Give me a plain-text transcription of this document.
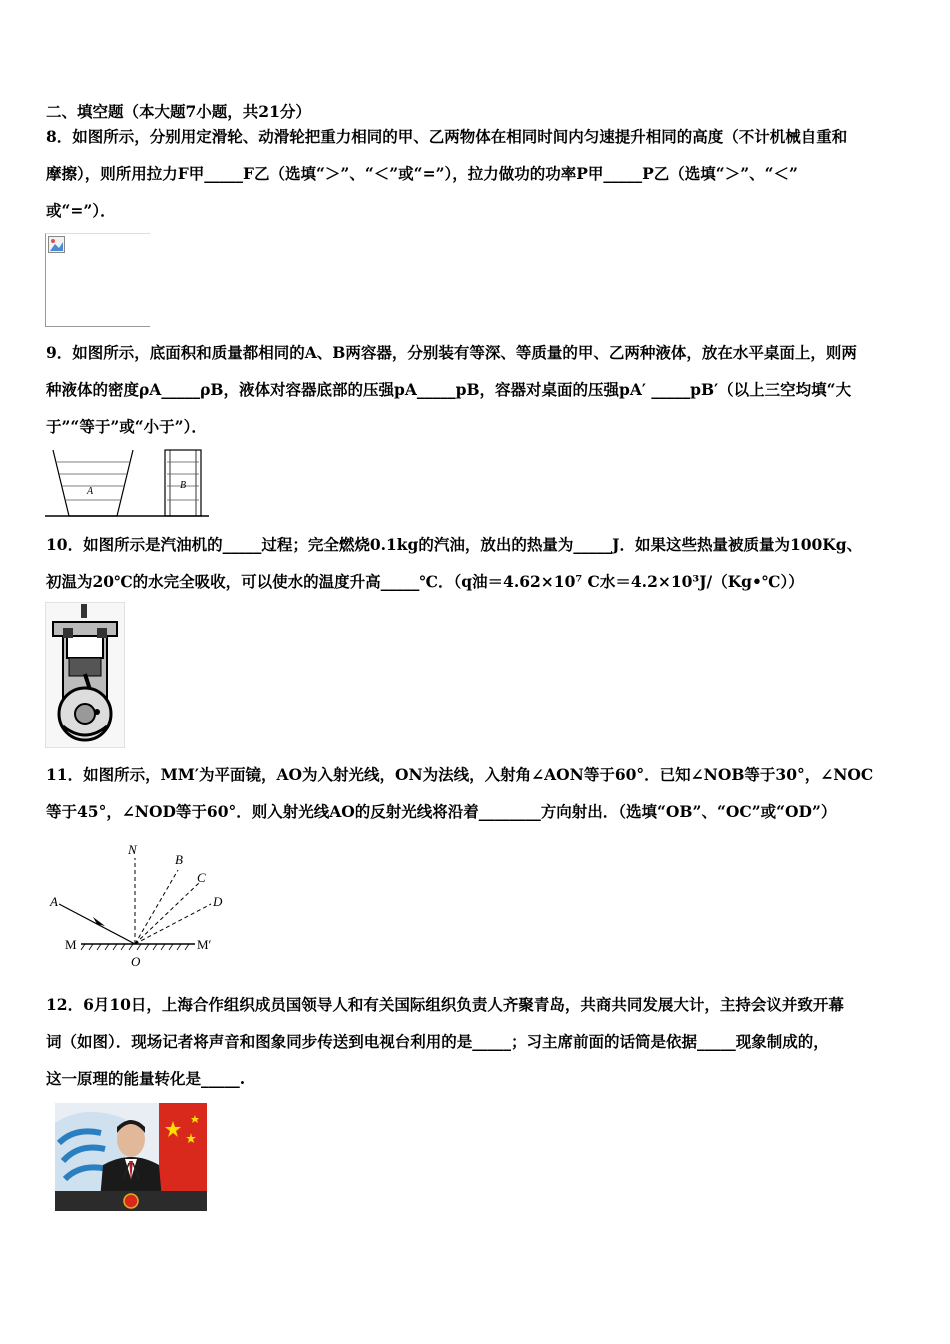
二、填空题（本大题7小题，共21分）
8．如图所示，分别用定滑轮、动滑轮把重力相同的甲、乙两物体在相同时间内匀速提升相同的高度（不计机械自重和
摩擦），则所用拉力F甲_____F乙（选填“＞”、“＜”或“=”），拉力做功的功率P甲_____P乙（选填“＞”、“＜”
或“=”）．
9．如图所示，底面积和质量都相同的A、B两容器，分别装有等深、等质量的甲、乙两种液体，放在水平桌面上，则两
种液体的密度ρA_____ρB，液体对容器底部的压强pA_____pB，容器对桌面的压强pA′ _____pB′（以上三空均填“大
于”“等于”或“小于”）．
A
B
10．如图所示是汽油机的_____过程；完全燃烧0.1kg的汽油，放出的热量为_____J．如果这些热量被质量为100Kg、
初温为20℃的水完全吸收，可以使水的温度升高_____℃．（q油＝4.62×10⁷ C水＝4.2×10³J/（Kg•℃））
11．如图所示，MM′为平面镜，AO为入射光线，ON为法线，入射角∠AON等于60°．已知∠NOB等于30°，∠NOC
等于45°，∠NOD等于60°．则入射光线AO的反射光线将沿着________方向射出．（选填“OB”、“OC”或“OD”）
N
B
C
D
A
O
M	M′
12．6月10日，上海合作组织成员国领导人和有关国际组织负责人齐聚青岛，共商共同发展大计，主持会议并致开幕
词（如图）．现场记者将声音和图象同步传送到电视台利用的是_____；习主席前面的话筒是依据_____现象制成的，
这一原理的能量转化是_____.
